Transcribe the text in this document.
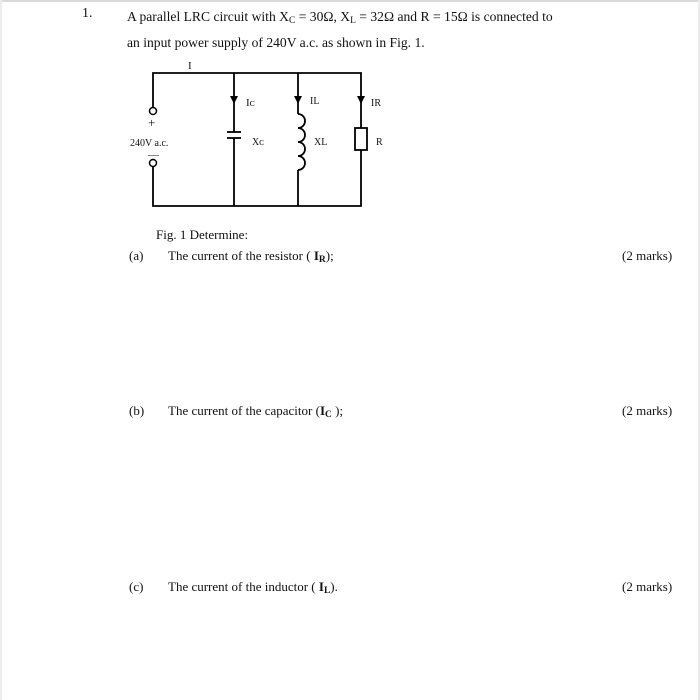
1.	A parallel LRC circuit with $X_C = 30\Omega$, $X_L = 32\Omega$ and R = 15Ω is connected to
an input power supply of 240V a.c. as shown in Fig. 1.
I
Iᴄ	IL	IR
+
240V a.c.
—
Xᴄ	XL	R
Fig. 1 Determine:
(a) The current of the resistor ( $I_R$);	(2 marks)
(b) The current of the capacitor ($I_C$ );	(2 marks)
(c) The current of the inductor ( $I_L$).	(2 marks)
